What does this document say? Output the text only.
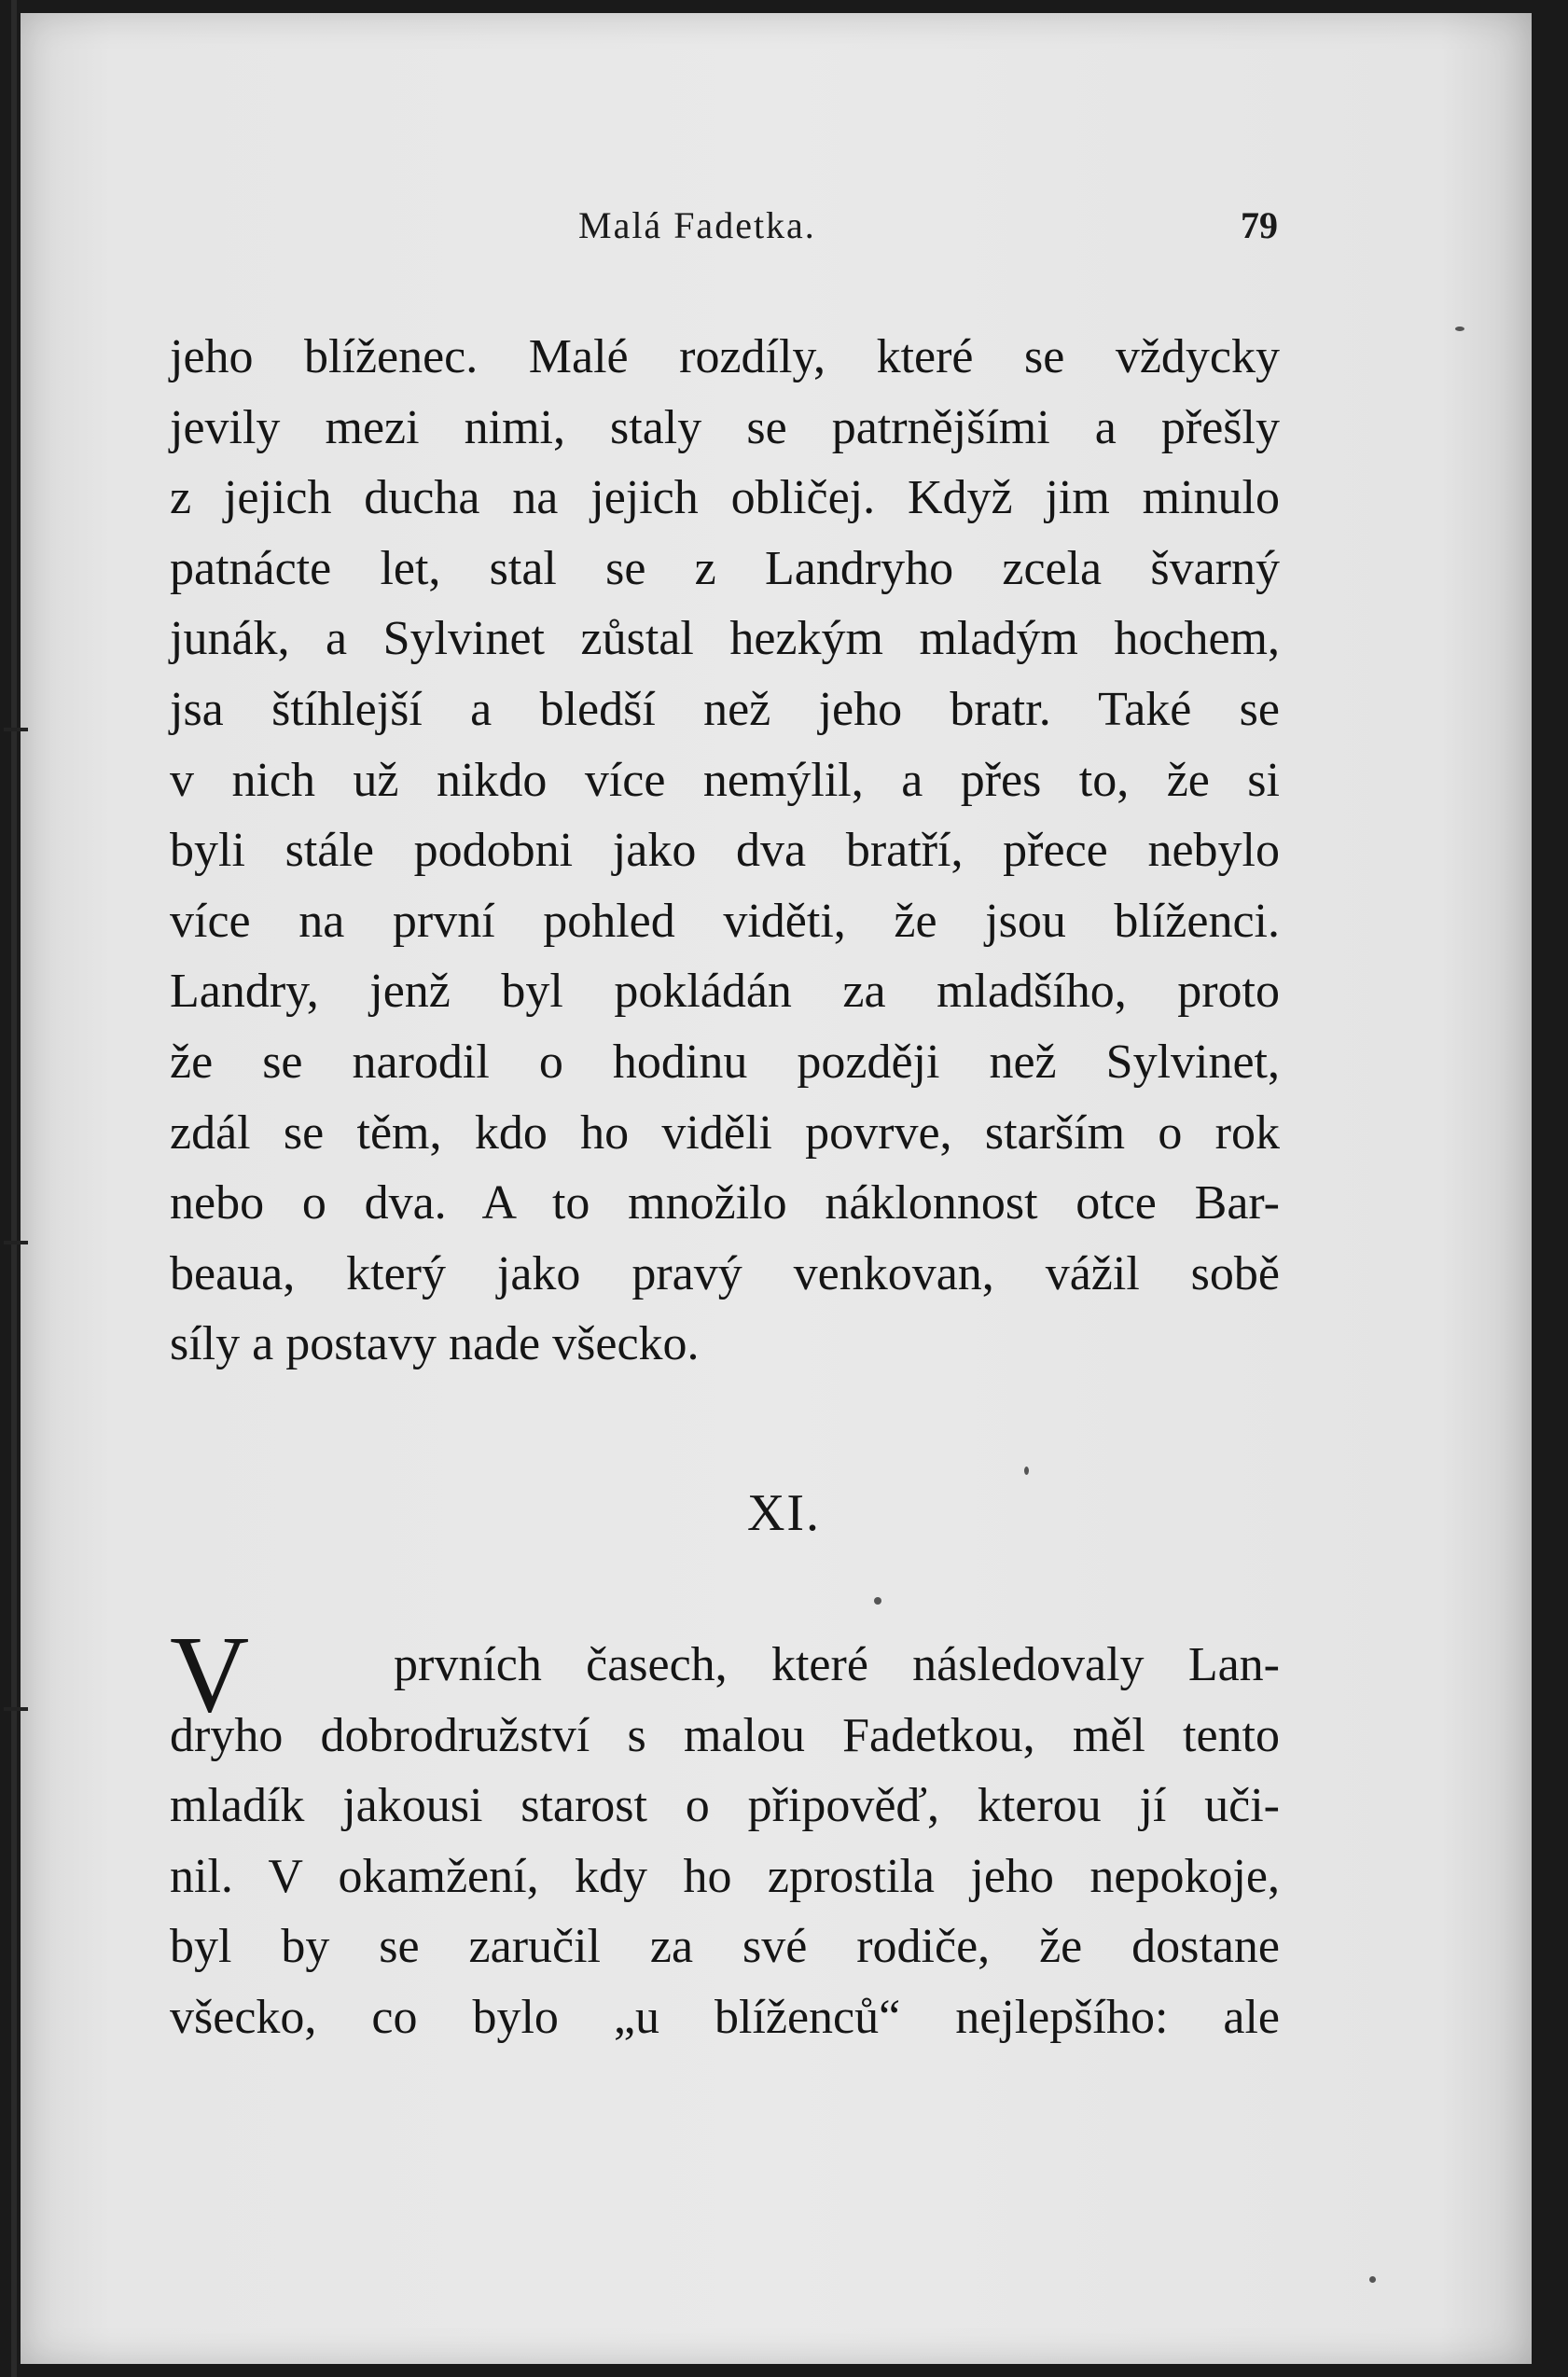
Malá Fadetka.	79
jeho blíženec. Malé rozdíly, které se vždycky
jevily mezi nimi, staly se patrnějšími a přešly
z jejich ducha na jejich obličej. Když jim minulo
patnácte let, stal se z Landryho zcela švarný
junák, a Sylvinet zůstal hezkým mladým hochem,
jsa štíhlejší a bledší než jeho bratr. Také se
v nich už nikdo více nemýlil, a přes to, že si
byli stále podobni jako dva bratří, přece nebylo
více na první pohled viděti, že jsou blíženci.
Landry, jenž byl pokládán za mladšího, proto
že se narodil o hodinu později než Sylvinet,
zdál se těm, kdo ho viděli povrve, starším o rok
nebo o dva. A to množilo náklonnost otce Bar-
beaua, který jako pravý venkovan, vážil sobě
síly a postavy nade všecko.
XI.
V	prvních časech, které následovaly Lan-
dryho dobrodružství s malou Fadetkou, měl tento
mladík jakousi starost o připověď, kterou jí uči-
nil. V okamžení, kdy ho zprostila jeho nepokoje,
byl by se zaručil za své rodiče, že dostane
všecko, co bylo „u blíženců“ nejlepšího: ale
